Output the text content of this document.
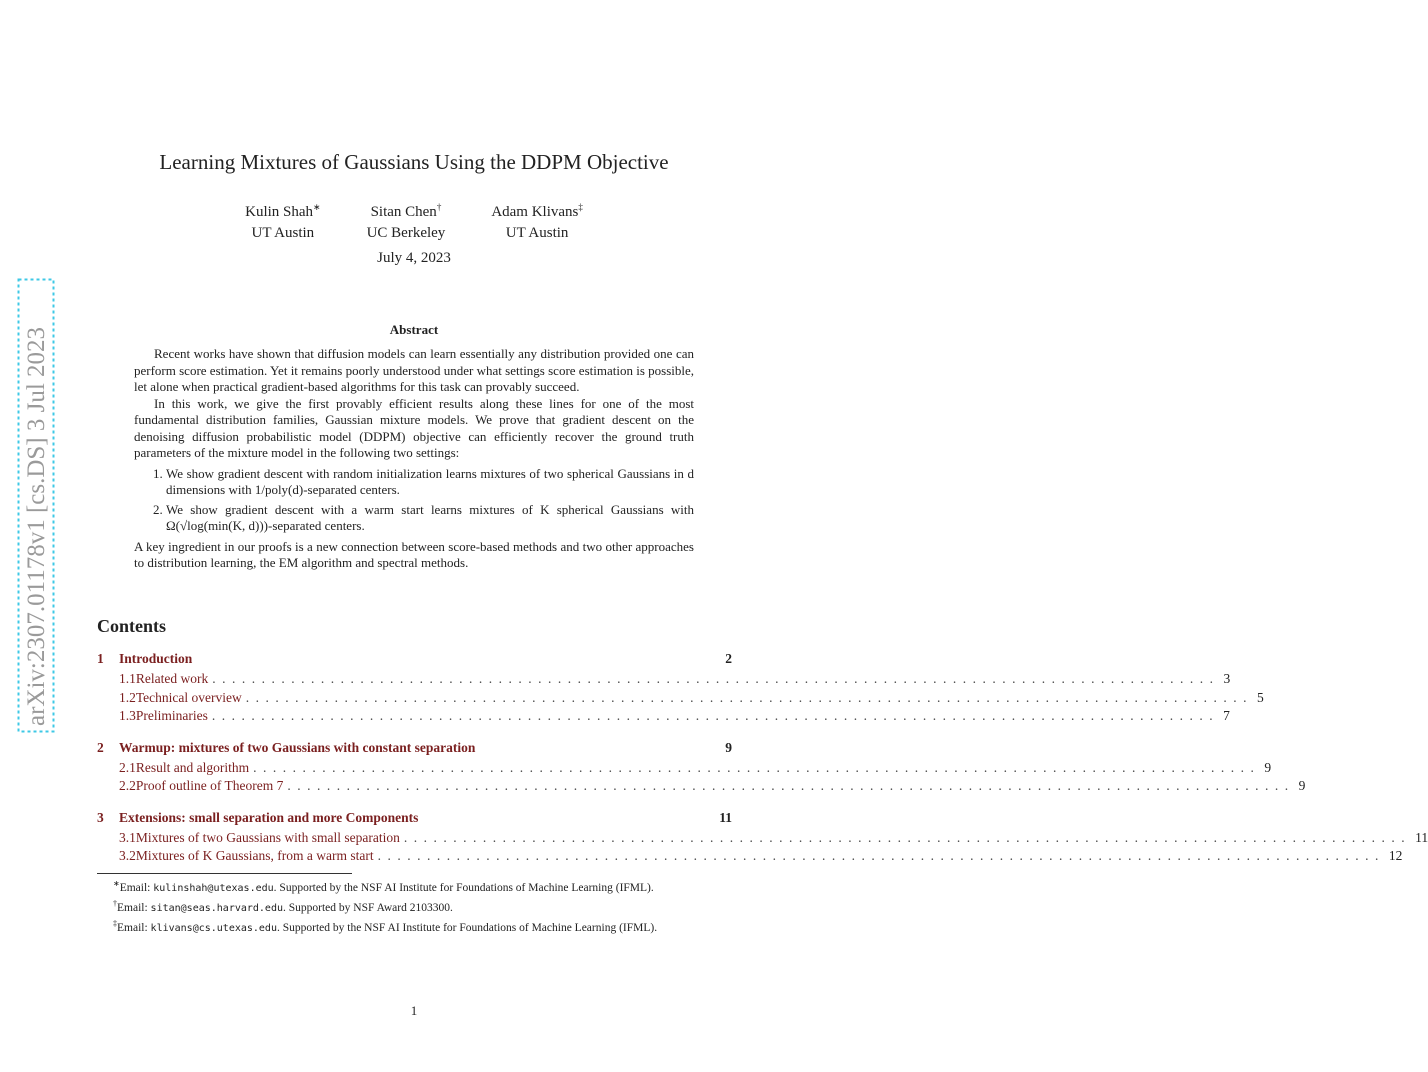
arXiv:2307.01178v1 [cs.DS] 3 Jul 2023
Learning Mixtures of Gaussians Using the DDPM Objective
Kulin Shah∗
UT Austin
Sitan Chen†
UC Berkeley
Adam Klivans‡
UT Austin
July 4, 2023
Abstract

Recent works have shown that diffusion models can learn essentially any distribution provided one can perform score estimation. Yet it remains poorly understood under what settings score estimation is possible, let alone when practical gradient-based algorithms for this task can provably succeed.

In this work, we give the first provably efficient results along these lines for one of the most fundamental distribution families, Gaussian mixture models. We prove that gradient descent on the denoising diffusion probabilistic model (DDPM) objective can efficiently recover the ground truth parameters of the mixture model in the following two settings:

1. We show gradient descent with random initialization learns mixtures of two spherical Gaussians in d dimensions with 1/poly(d)-separated centers.
2. We show gradient descent with a warm start learns mixtures of K spherical Gaussians with Ω(√log(min(K, d)))-separated centers.

A key ingredient in our proofs is a new connection between score-based methods and two other approaches to distribution learning, the EM algorithm and spectral methods.

Contents
1	Introduction	2
1.1 Related work ...................................................................................................... 3
1.2 Technical overview ...................................................................................................... 5
1.3 Preliminaries ...................................................................................................... 7
2	Warmup: mixtures of two Gaussians with constant separation	9
2.1 Result and algorithm ...................................................................................................... 9
2.2 Proof outline of Theorem 7 ...................................................................................................... 9
3	Extensions: small separation and more Components	11
3.1 Mixtures of two Gaussians with small separation ...................................................................................................... 11
3.2 Mixtures of K Gaussians, from a warm start ...................................................................................................... 12
∗Email: kulinshah@utexas.edu. Supported by the NSF AI Institute for Foundations of Machine Learning (IFML).
†Email: sitan@seas.harvard.edu. Supported by NSF Award 2103300.
‡Email: klivans@cs.utexas.edu. Supported by the NSF AI Institute for Foundations of Machine Learning (IFML).
1
